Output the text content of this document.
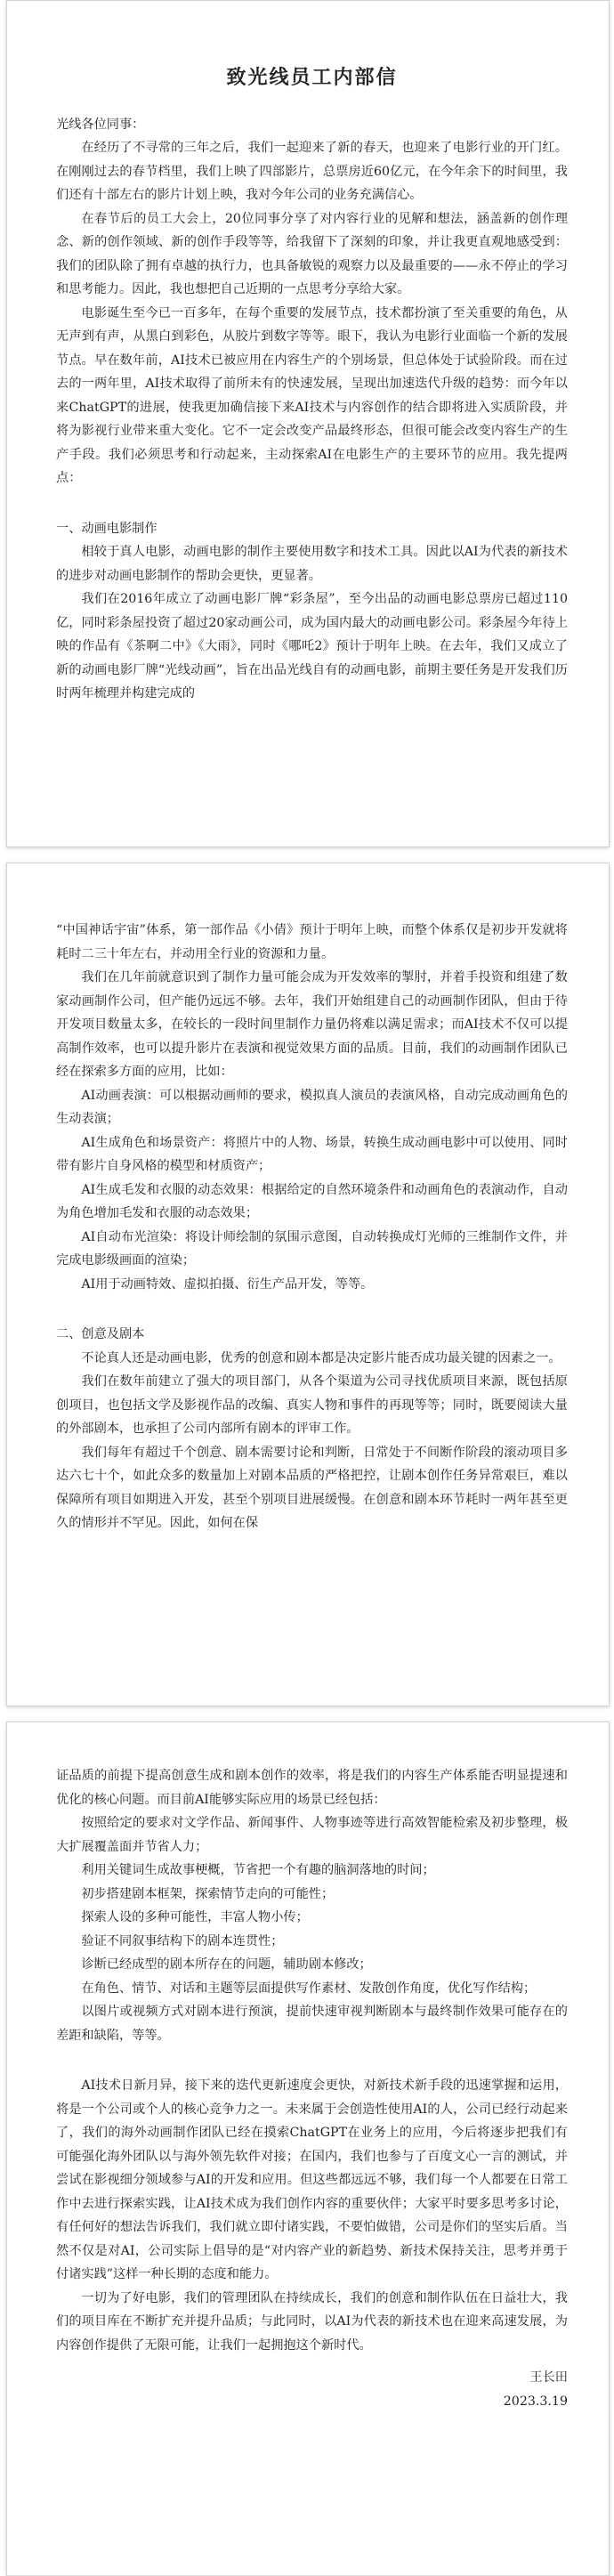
致光线员工内部信

光线各位同事：

在经历了不寻常的三年之后，我们一起迎来了新的春天，也迎来了电影行业的开门红。在刚刚过去的春节档里，我们上映了四部影片，总票房近60亿元，在今年余下的时间里，我们还有十部左右的影片计划上映，我对今年公司的业务充满信心。

在春节后的员工大会上，20位同事分享了对内容行业的见解和想法，涵盖新的创作理念、新的创作领域、新的创作手段等等，给我留下了深刻的印象，并让我更直观地感受到：我们的团队除了拥有卓越的执行力，也具备敏锐的观察力以及最重要的——永不停止的学习和思考能力。因此，我也想把自己近期的一点思考分享给大家。

电影诞生至今已一百多年，在每个重要的发展节点，技术都扮演了至关重要的角色，从无声到有声，从黑白到彩色，从胶片到数字等等。眼下，我认为电影行业面临一个新的发展节点。早在数年前，AI技术已被应用在内容生产的个别场景，但总体处于试验阶段。而在过去的一两年里，AI技术取得了前所未有的快速发展，呈现出加速迭代升级的趋势：而今年以来ChatGPT的进展，使我更加确信接下来AI技术与内容创作的结合即将进入实质阶段，并将为影视行业带来重大变化。它不一定会改变产品最终形态，但很可能会改变内容生产的生产手段。我们必须思考和行动起来，主动探索AI在电影生产的主要环节的应用。我先提两点：

一、动画电影制作

相较于真人电影，动画电影的制作主要使用数字和技术工具。因此以AI为代表的新技术的进步对动画电影制作的帮助会更快，更显著。

我们在2016年成立了动画电影厂牌“彩条屋”，至今出品的动画电影总票房已超过110亿，同时彩条屋投资了超过20家动画公司，成为国内最大的动画电影公司。彩条屋今年待上映的作品有《茶啊二中》《大雨》，同时《哪吒2》预计于明年上映。在去年，我们又成立了新的动画电影厂牌“光线动画”，旨在出品光线自有的动画电影，前期主要任务是开发我们历时两年梳理并构建完成的

“中国神话宇宙”体系，第一部作品《小倩》预计于明年上映，而整个体系仅是初步开发就将耗时二三十年左右，并动用全行业的资源和力量。

我们在几年前就意识到了制作力量可能会成为开发效率的掣肘，并着手投资和组建了数家动画制作公司，但产能仍远远不够。去年，我们开始组建自己的动画制作团队，但由于待开发项目数量太多，在较长的一段时间里制作力量仍将难以满足需求；而AI技术不仅可以提高制作效率，也可以提升影片在表演和视觉效果方面的品质。目前，我们的动画制作团队已经在探索多方面的应用，比如：

AI动画表演：可以根据动画师的要求，模拟真人演员的表演风格，自动完成动画角色的生动表演；

AI生成角色和场景资产：将照片中的人物、场景，转换生成动画电影中可以使用、同时带有影片自身风格的模型和材质资产；

AI生成毛发和衣服的动态效果：根据给定的自然环境条件和动画角色的表演动作，自动为角色增加毛发和衣服的动态效果；

AI自动布光渲染：将设计师绘制的氛围示意图，自动转换成灯光师的三维制作文件，并完成电影级画面的渲染；

AI用于动画特效、虚拟拍摄、衍生产品开发，等等。

二、创意及剧本

不论真人还是动画电影，优秀的创意和剧本都是决定影片能否成功最关键的因素之一。

我们在数年前建立了强大的项目部门，从各个渠道为公司寻找优质项目来源，既包括原创项目，也包括文学及影视作品的改编、真实人物和事件的再现等等；同时，既要阅读大量的外部剧本，也承担了公司内部所有剧本的评审工作。

我们每年有超过千个创意、剧本需要讨论和判断，日常处于不间断作阶段的滚动项目多达六七十个，如此众多的数量加上对剧本品质的严格把控，让剧本创作任务异常艰巨，难以保障所有项目如期进入开发，甚至个别项目进展缓慢。在创意和剧本环节耗时一两年甚至更久的情形并不罕见。因此，如何在保

证品质的前提下提高创意生成和剧本创作的效率，将是我们的内容生产体系能否明显提速和优化的核心问题。而目前AI能够实际应用的场景已经包括：

按照给定的要求对文学作品、新闻事件、人物事迹等进行高效智能检索及初步整理，极大扩展覆盖面并节省人力；

利用关键词生成故事梗概，节省把一个有趣的脑洞落地的时间；

初步搭建剧本框架，探索情节走向的可能性；

探索人设的多种可能性，丰富人物小传；

验证不同叙事结构下的剧本连贯性；

诊断已经成型的剧本所存在的问题，辅助剧本修改；

在角色、情节、对话和主题等层面提供写作素材、发散创作角度，优化写作结构；

以图片或视频方式对剧本进行预演，提前快速审视判断剧本与最终制作效果可能存在的差距和缺陷，等等。

AI技术日新月异，接下来的迭代更新速度会更快，对新技术新手段的迅速掌握和运用，将是一个公司或个人的核心竞争力之一。未来属于会创造性使用AI的人，公司已经行动起来了，我们的海外动画制作团队已经在摸索ChatGPT在业务上的应用，今后将逐步把我们有可能强化海外团队以与海外领先软件对接；在国内，我们也参与了百度文心一言的测试，并尝试在影视细分领域参与AI的开发和应用。但这些都远远不够，我们每一个人都要在日常工作中去进行探索实践，让AI技术成为我们创作内容的重要伙伴；大家平时要多思考多讨论，有任何好的想法告诉我们，我们就立即付诸实践，不要怕做错，公司是你们的坚实后盾。当然不仅是对AI，公司实际上倡导的是“对内容产业的新趋势、新技术保持关注，思考并勇于付诸实践”这样一种长期的态度和能力。

一切为了好电影，我们的管理团队在持续成长，我们的创意和制作队伍在日益壮大，我们的项目库在不断扩充并提升品质；与此同时，以AI为代表的新技术也在迎来高速发展，为内容创作提供了无限可能，让我们一起拥抱这个新时代。

王长田

2023.3.19
